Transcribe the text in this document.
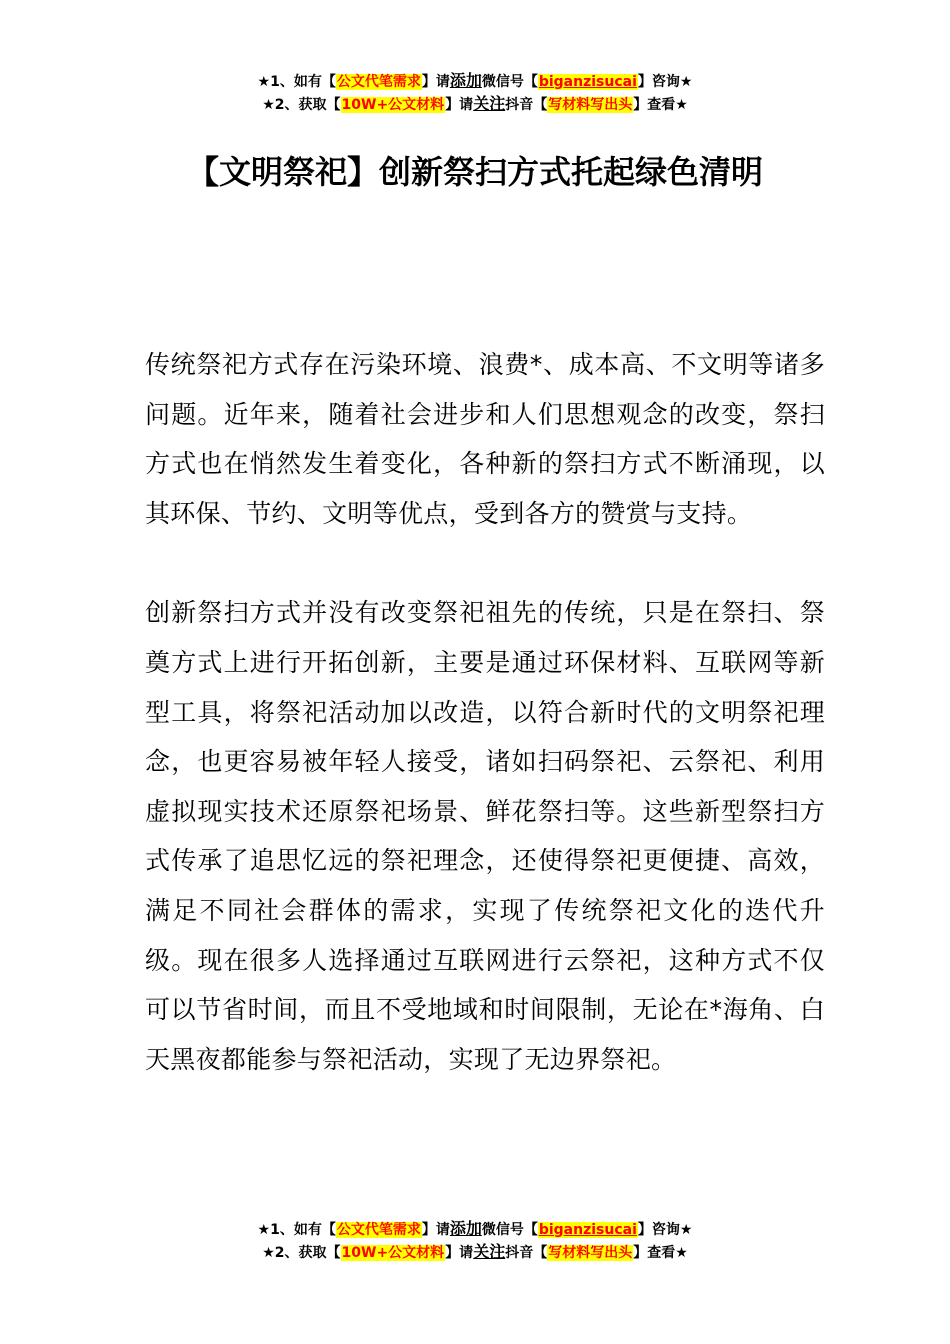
★1、如有【公文代笔需求】请添加微信号【biganzisucai】咨询★
★2、获取【10W+公文材料】请关注抖音【写材料写出头】查看★
【文明祭祀】创新祭扫方式托起绿色清明

传统祭祀方式存在污染环境、浪费*、成本高、不文明等诸多问题。近年来，随着社会进步和人们思想观念的改变，祭扫方式也在悄然发生着变化，各种新的祭扫方式不断涌现，以其环保、节约、文明等优点，受到各方的赞赏与支持。

创新祭扫方式并没有改变祭祀祖先的传统，只是在祭扫、祭奠方式上进行开拓创新，主要是通过环保材料、互联网等新型工具，将祭祀活动加以改造，以符合新时代的文明祭祀理念，也更容易被年轻人接受，诸如扫码祭祀、云祭祀、利用虚拟现实技术还原祭祀场景、鲜花祭扫等。这些新型祭扫方式传承了追思忆远的祭祀理念，还使得祭祀更便捷、高效，满足不同社会群体的需求，实现了传统祭祀文化的迭代升级。现在很多人选择通过互联网进行云祭祀，这种方式不仅可以节省时间，而且不受地域和时间限制，无论在*海角、白天黑夜都能参与祭祀活动，实现了无边界祭祀。

★1、如有【公文代笔需求】请添加微信号【biganzisucai】咨询★
★2、获取【10W+公文材料】请关注抖音【写材料写出头】查看★
